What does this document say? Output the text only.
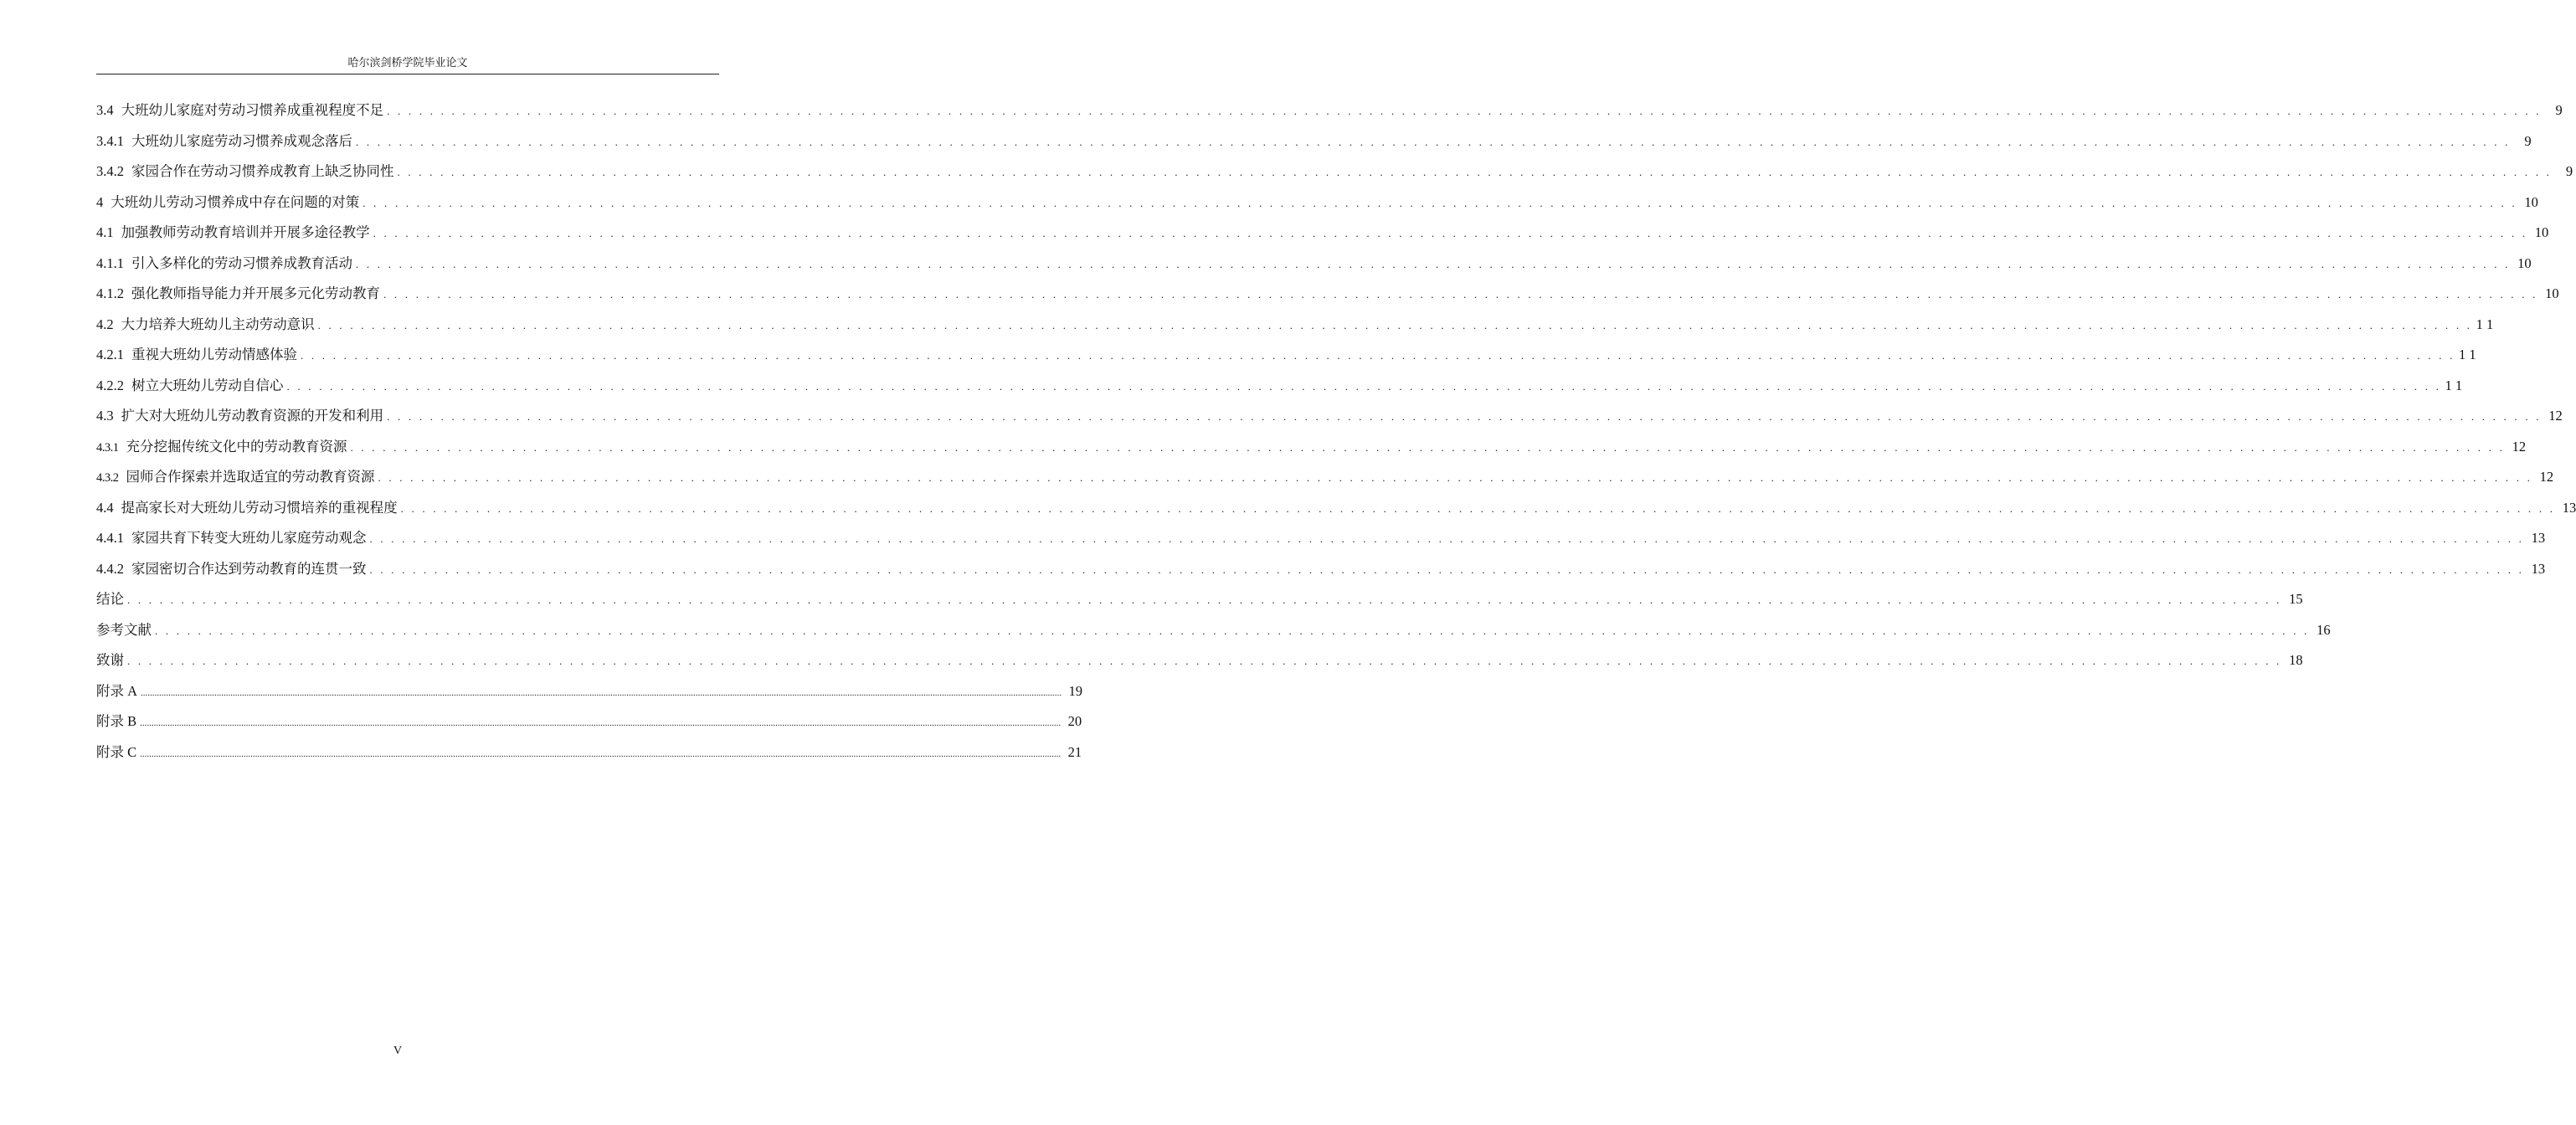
哈尔滨剑桥学院毕业论文
3.4 大班幼儿家庭对劳动习惯养成重视程度不足 . . . . . . . . . . . . . . . . . . . . . . . . . . . . . . . . . . . . . . . . . . . . . . . . . . . . . . . . . . . . . . . . . . . . . . . . . . . . . . . . . . . . . . . . . . . . . . . . . . . . . . . . . . . . . . . . . . . . . . . . . . . . . . . . . . . . . . . . . . . . . . . . . . . . . . . . . . . . . . . . . . . . . . . . . . . . . . . . . . . . . . . . . . . . . . . . . . . . . . . .	9
3.4.1 大班幼儿家庭劳动习惯养成观念落后 . . . . . . . . . . . . . . . . . . . . . . . . . . . . . . . . . . . . . . . . . . . . . . . . . . . . . . . . . . . . . . . . . . . . . . . . . . . . . . . . . . . . . . . . . . . . . . . . . . . . . . . . . . . . . . . . . . . . . . . . . . . . . . . . . . . . . . . . . . . . . . . . . . . . . . . . . . . . . . . . . . . . . . . . . . . . . . . . . . . . . . . . . . . . . . . . . . . . . . . .	9
3.4.2 家园合作在劳动习惯养成教育上缺乏协同性 . . . . . . . . . . . . . . . . . . . . . . . . . . . . . . . . . . . . . . . . . . . . . . . . . . . . . . . . . . . . . . . . . . . . . . . . . . . . . . . . . . . . . . . . . . . . . . . . . . . . . . . . . . . . . . . . . . . . . . . . . . . . . . . . . . . . . . . . . . . . . . . . . . . . . . . . . . . . . . . . . . . . . . . . . . . . . . . . . . . . . . . . . . . . . . . . . . . . . . . .	9
4 大班幼儿劳动习惯养成中存在问题的对策 . . . . . . . . . . . . . . . . . . . . . . . . . . . . . . . . . . . . . . . . . . . . . . . . . . . . . . . . . . . . . . . . . . . . . . . . . . . . . . . . . . . . . . . . . . . . . . . . . . . . . . . . . . . . . . . . . . . . . . . . . . . . . . . . . . . . . . . . . . . . . . . . . . . . . . . . . . . . . . . . . . . . . . . . . . . . . . . . . . . . . . . . . . . . . . . . . . . . . . . . 10
4.1 加强教师劳动教育培训并开展多途径教学 . . . . . . . . . . . . . . . . . . . . . . . . . . . . . . . . . . . . . . . . . . . . . . . . . . . . . . . . . . . . . . . . . . . . . . . . . . . . . . . . . . . . . . . . . . . . . . . . . . . . . . . . . . . . . . . . . . . . . . . . . . . . . . . . . . . . . . . . . . . . . . . . . . . . . . . . . . . . . . . . . . . . . . . . . . . . . . . . . . . . . . . . . . . . . . . . . . . . . . . . 10
4.1.1 引入多样化的劳动习惯养成教育活动 . . . . . . . . . . . . . . . . . . . . . . . . . . . . . . . . . . . . . . . . . . . . . . . . . . . . . . . . . . . . . . . . . . . . . . . . . . . . . . . . . . . . . . . . . . . . . . . . . . . . . . . . . . . . . . . . . . . . . . . . . . . . . . . . . . . . . . . . . . . . . . . . . . . . . . . . . . . . . . . . . . . . . . . . . . . . . . . . . . . . . . . . . . . . . . . . . . . . . . . . 10
4.1.2 强化教师指导能力并开展多元化劳动教育 . . . . . . . . . . . . . . . . . . . . . . . . . . . . . . . . . . . . . . . . . . . . . . . . . . . . . . . . . . . . . . . . . . . . . . . . . . . . . . . . . . . . . . . . . . . . . . . . . . . . . . . . . . . . . . . . . . . . . . . . . . . . . . . . . . . . . . . . . . . . . . . . . . . . . . . . . . . . . . . . . . . . . . . . . . . . . . . . . . . . . . . . . . . . . . . . . . . . . . . . 10
4.2 大力培养大班幼儿主动劳动意识 . . . . . . . . . . . . . . . . . . . . . . . . . . . . . . . . . . . . . . . . . . . . . . . . . . . . . . . . . . . . . . . . . . . . . . . . . . . . . . . . . . . . . . . . . . . . . . . . . . . . . . . . . . . . . . . . . . . . . . . . . . . . . . . . . . . . . . . . . . . . . . . . . . . . . . . . . . . . . . . . . . . . . . . . . . . . . . . . . . . . . . . . . . . . . . . . . . . . . . . . 1 1
4.2.1 重视大班幼儿劳动情感体验 . . . . . . . . . . . . . . . . . . . . . . . . . . . . . . . . . . . . . . . . . . . . . . . . . . . . . . . . . . . . . . . . . . . . . . . . . . . . . . . . . . . . . . . . . . . . . . . . . . . . . . . . . . . . . . . . . . . . . . . . . . . . . . . . . . . . . . . . . . . . . . . . . . . . . . . . . . . . . . . . . . . . . . . . . . . . . . . . . . . . . . . . . . . . . . . . . . . . . . . . 1 1
4.2.2 树立大班幼儿劳动自信心 . . . . . . . . . . . . . . . . . . . . . . . . . . . . . . . . . . . . . . . . . . . . . . . . . . . . . . . . . . . . . . . . . . . . . . . . . . . . . . . . . . . . . . . . . . . . . . . . . . . . . . . . . . . . . . . . . . . . . . . . . . . . . . . . . . . . . . . . . . . . . . . . . . . . . . . . . . . . . . . . . . . . . . . . . . . . . . . . . . . . . . . . . . . . . . . . . . . . . . . . 1 1
4.3 扩大对大班幼儿劳动教育资源的开发和利用 . . . . . . . . . . . . . . . . . . . . . . . . . . . . . . . . . . . . . . . . . . . . . . . . . . . . . . . . . . . . . . . . . . . . . . . . . . . . . . . . . . . . . . . . . . . . . . . . . . . . . . . . . . . . . . . . . . . . . . . . . . . . . . . . . . . . . . . . . . . . . . . . . . . . . . . . . . . . . . . . . . . . . . . . . . . . . . . . . . . . . . . . . . . . . . . . . . . . . . . . 12
4.3.1 充分挖掘传统文化中的劳动教育资源 . . . . . . . . . . . . . . . . . . . . . . . . . . . . . . . . . . . . . . . . . . . . . . . . . . . . . . . . . . . . . . . . . . . . . . . . . . . . . . . . . . . . . . . . . . . . . . . . . . . . . . . . . . . . . . . . . . . . . . . . . . . . . . . . . . . . . . . . . . . . . . . . . . . . . . . . . . . . . . . . . . . . . . . . . . . . . . . . . . . . . . . . . . . . . . . . . . . . . . . . 12
4.3.2 园师合作探索并选取适宜的劳动教育资源 . . . . . . . . . . . . . . . . . . . . . . . . . . . . . . . . . . . . . . . . . . . . . . . . . . . . . . . . . . . . . . . . . . . . . . . . . . . . . . . . . . . . . . . . . . . . . . . . . . . . . . . . . . . . . . . . . . . . . . . . . . . . . . . . . . . . . . . . . . . . . . . . . . . . . . . . . . . . . . . . . . . . . . . . . . . . . . . . . . . . . . . . . . . . . . . . . . . . . . . . 12
4.4 提高家长对大班幼儿劳动习惯培养的重视程度 . . . . . . . . . . . . . . . . . . . . . . . . . . . . . . . . . . . . . . . . . . . . . . . . . . . . . . . . . . . . . . . . . . . . . . . . . . . . . . . . . . . . . . . . . . . . . . . . . . . . . . . . . . . . . . . . . . . . . . . . . . . . . . . . . . . . . . . . . . . . . . . . . . . . . . . . . . . . . . . . . . . . . . . . . . . . . . . . . . . . . . . . . . . . . . . . . . . . . . . . 13
4.4.1 家园共育下转变大班幼儿家庭劳动观念 . . . . . . . . . . . . . . . . . . . . . . . . . . . . . . . . . . . . . . . . . . . . . . . . . . . . . . . . . . . . . . . . . . . . . . . . . . . . . . . . . . . . . . . . . . . . . . . . . . . . . . . . . . . . . . . . . . . . . . . . . . . . . . . . . . . . . . . . . . . . . . . . . . . . . . . . . . . . . . . . . . . . . . . . . . . . . . . . . . . . . . . . . . . . . . . . . . . . . . . . 13
4.4.2 家园密切合作达到劳动教育的连贯一致 . . . . . . . . . . . . . . . . . . . . . . . . . . . . . . . . . . . . . . . . . . . . . . . . . . . . . . . . . . . . . . . . . . . . . . . . . . . . . . . . . . . . . . . . . . . . . . . . . . . . . . . . . . . . . . . . . . . . . . . . . . . . . . . . . . . . . . . . . . . . . . . . . . . . . . . . . . . . . . . . . . . . . . . . . . . . . . . . . . . . . . . . . . . . . . . . . . . . . . . . 13
结论 . . . . . . . . . . . . . . . . . . . . . . . . . . . . . . . . . . . . . . . . . . . . . . . . . . . . . . . . . . . . . . . . . . . . . . . . . . . . . . . . . . . . . . . . . . . . . . . . . . . . . . . . . . . . . . . . . . . . . . . . . . . . . . . . . . . . . . . . . . . . . . . . . . . . . . . . . . . . . . . . . . . . . . . . . . . . . . . . . . . . . . . . . . . . . . . . . . . . . . . . 15
参考文献 . . . . . . . . . . . . . . . . . . . . . . . . . . . . . . . . . . . . . . . . . . . . . . . . . . . . . . . . . . . . . . . . . . . . . . . . . . . . . . . . . . . . . . . . . . . . . . . . . . . . . . . . . . . . . . . . . . . . . . . . . . . . . . . . . . . . . . . . . . . . . . . . . . . . . . . . . . . . . . . . . . . . . . . . . . . . . . . . . . . . . . . . . . . . . . . . . . . . . . . . 16
致谢 . . . . . . . . . . . . . . . . . . . . . . . . . . . . . . . . . . . . . . . . . . . . . . . . . . . . . . . . . . . . . . . . . . . . . . . . . . . . . . . . . . . . . . . . . . . . . . . . . . . . . . . . . . . . . . . . . . . . . . . . . . . . . . . . . . . . . . . . . . . . . . . . . . . . . . . . . . . . . . . . . . . . . . . . . . . . . . . . . . . . . . . . . . . . . . . . . . . . . . . . 18
附录 A ................................................................................................................................................................................................................................................................................................................................................................................................................ 19
附录 B ................................................................................................................................................................................................................................................................................................................................................................................................................ 20
附录 C ................................................................................................................................................................................................................................................................................................................................................................................................................ 21
V
